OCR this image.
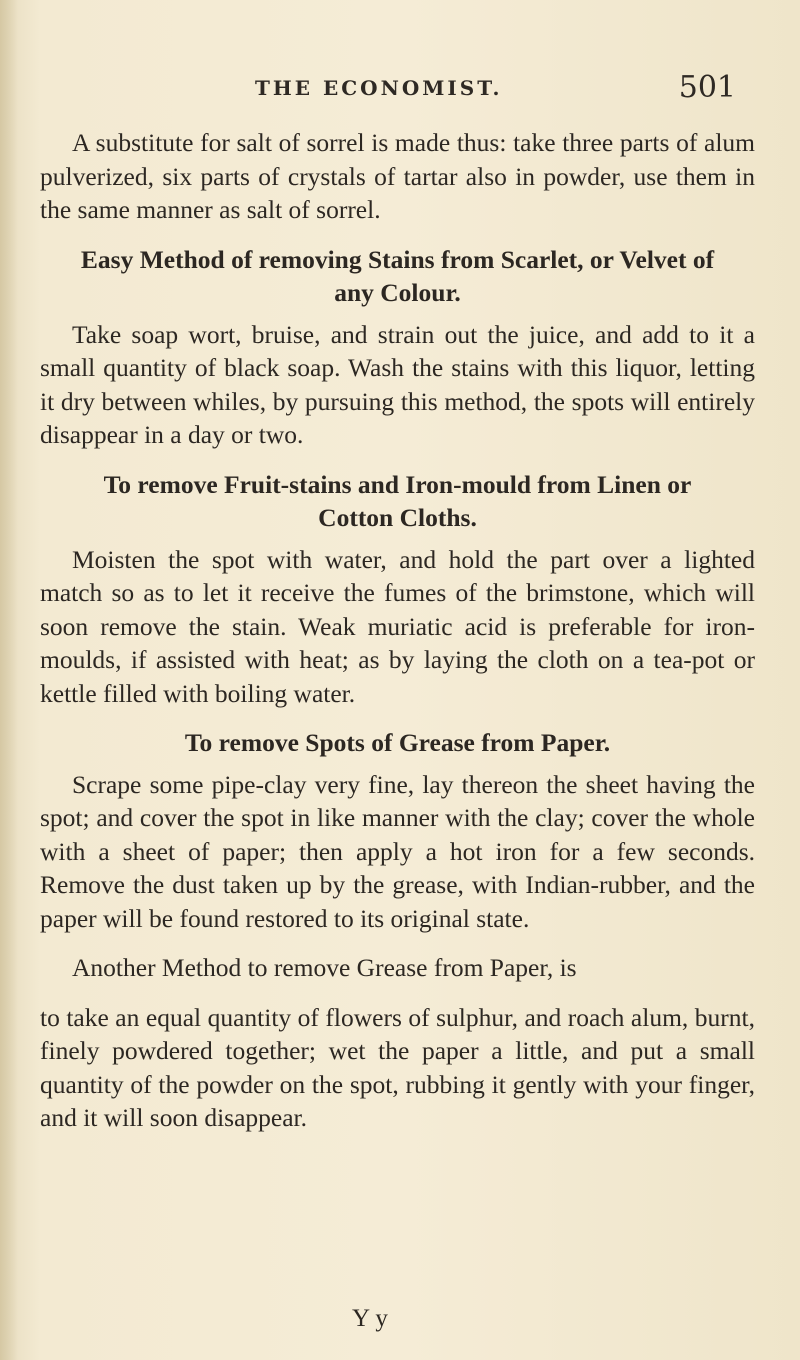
THE ECONOMIST.	501

A substitute for salt of sorrel is made thus: take three parts of alum pulverized, six parts of crystals of tartar also in powder, use them in the same manner as salt of sorrel.

Easy Method of removing Stains from Scarlet, or Velvet of any Colour.

Take soap wort, bruise, and strain out the juice, and add to it a small quantity of black soap. Wash the stains with this liquor, letting it dry between whiles, by pursuing this method, the spots will entirely disappear in a day or two.

To remove Fruit-stains and Iron-mould from Linen or Cotton Cloths.

Moisten the spot with water, and hold the part over a lighted match so as to let it receive the fumes of the brimstone, which will soon remove the stain. Weak muriatic acid is preferable for iron-moulds, if assisted with heat; as by laying the cloth on a tea-pot or kettle filled with boiling water.

To remove Spots of Grease from Paper.

Scrape some pipe-clay very fine, lay thereon the sheet having the spot; and cover the spot in like manner with the clay; cover the whole with a sheet of paper; then apply a hot iron for a few seconds. Remove the dust taken up by the grease, with Indian-rubber, and the paper will be found restored to its original state.

Another Method to remove Grease from Paper, is

to take an equal quantity of flowers of sulphur, and roach alum, burnt, finely powdered together; wet the paper a little, and put a small quantity of the powder on the spot, rubbing it gently with your finger, and it will soon disappear.

Y y
